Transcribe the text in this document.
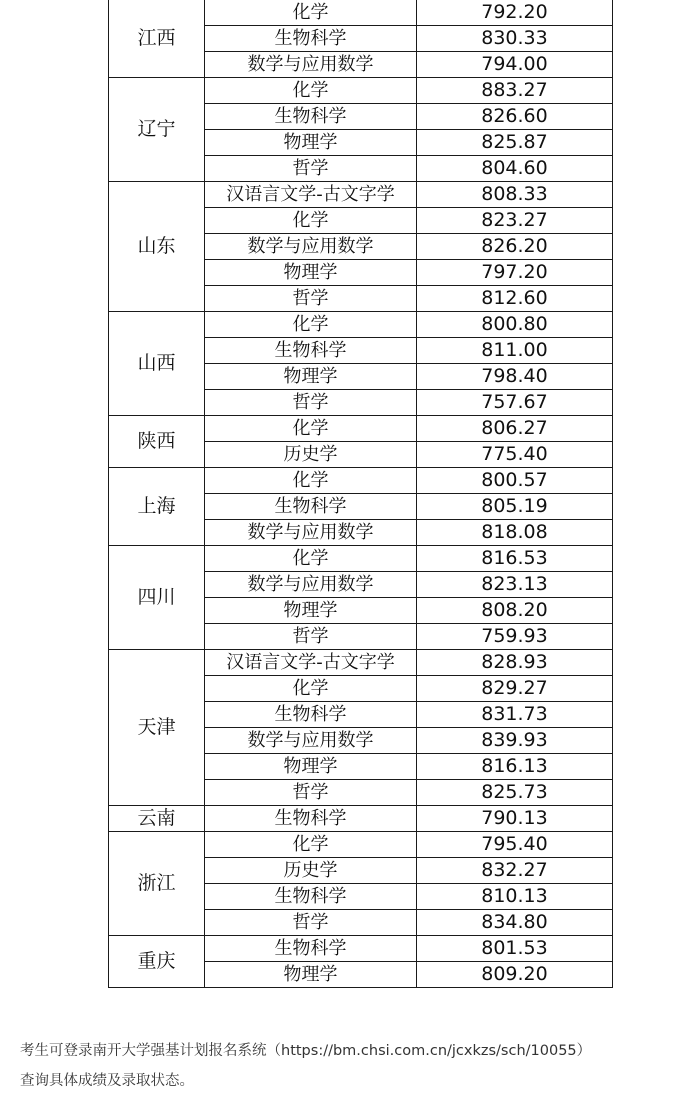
江西	化学	792.20
	生物科学	830.33
	数学与应用数学	794.00
辽宁	化学	883.27
	生物科学	826.60
	物理学	825.87
	哲学	804.60
山东	汉语言文学-古文字学	808.33
	化学	823.27
	数学与应用数学	826.20
	物理学	797.20
	哲学	812.60
山西	化学	800.80
	生物科学	811.00
	物理学	798.40
	哲学	757.67
陕西	化学	806.27
	历史学	775.40
上海	化学	800.57
	生物科学	805.19
	数学与应用数学	818.08
四川	化学	816.53
	数学与应用数学	823.13
	物理学	808.20
	哲学	759.93
天津	汉语言文学-古文字学	828.93
	化学	829.27
	生物科学	831.73
	数学与应用数学	839.93
	物理学	816.13
	哲学	825.73
云南	生物科学	790.13
浙江	化学	795.40
	历史学	832.27
	生物科学	810.13
	哲学	834.80
重庆	生物科学	801.53
	物理学	809.20

考生可登录南开大学强基计划报名系统（https://bm.chsi.com.cn/jcxkzs/sch/10055）
查询具体成绩及录取状态。
